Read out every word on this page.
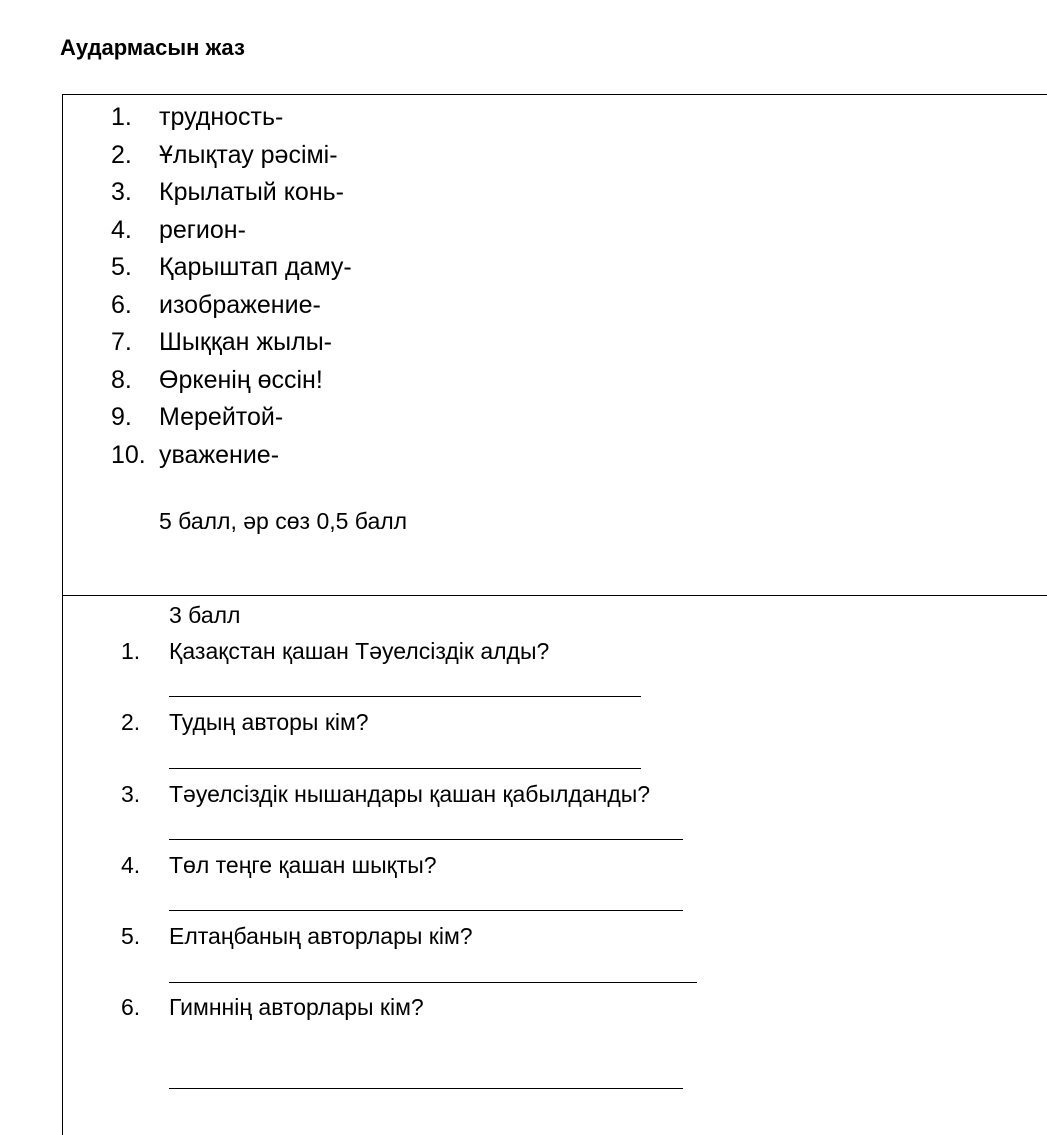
Аудармасын жаз
1.	трудность-
2.	Ұлықтау рәсімі-
3.	Крылатый конь-
4.	регион-
5.	Қарыштап даму-
6.	изображение-
7.	Шыққан жылы-
8.	Өркенің өссін!
9.	Мерейтой-
10. уважение-
5 балл, әр сөз 0,5 балл
3 балл
1. Қазақстан қашан Тәуелсіздік алды?
2. Тудың авторы кім?
3. Тәуелсіздік нышандары қашан қабылданды?
4. Төл теңге қашан шықты?
5. Елтаңбаның авторлары кім?
6. Гимннің авторлары кім?
